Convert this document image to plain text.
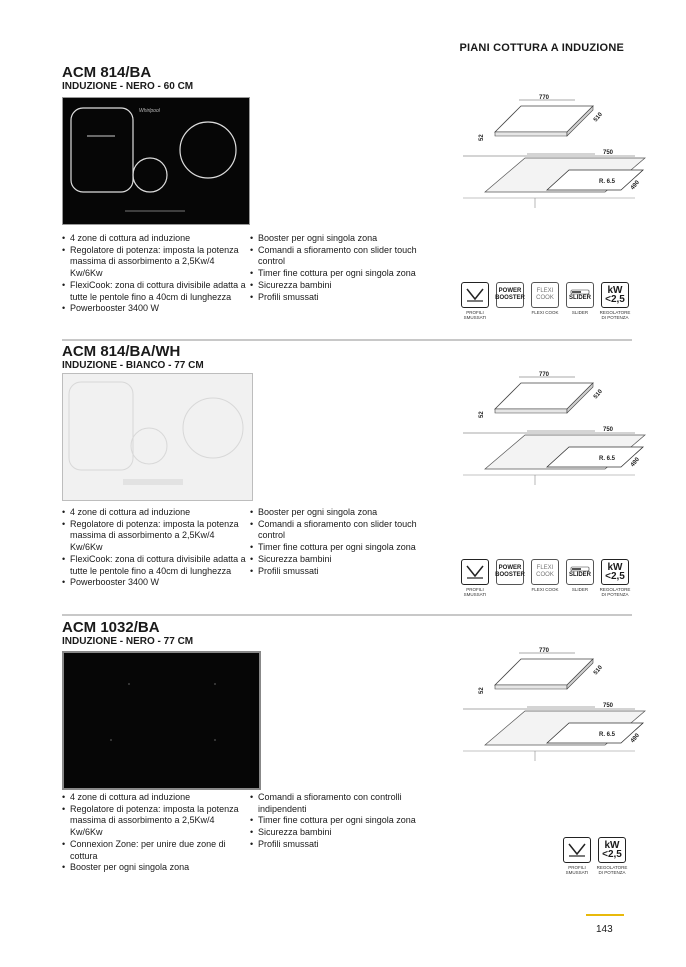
PIANI COTTURA A INDUZIONE
ACM 814/BA
INDUZIONE - NERO - 60 CM
Whirlpool
• 4 zone di cottura ad induzione
• Regolatore di potenza: imposta la potenza massima di assorbimento a 2,5Kw/4 Kw/6Kw
• FlexiCook: zona di cottura divisibile adatta a tutte le pentole fino a 40cm di lunghezza
• Powerbooster 3400 W
• Booster per ogni singola zona
• Comandi a sfioramento con slider touch control
• Timer fine cottura per ogni singola zona
• Sicurezza bambini
• Profili smussati
770
510
52
750
R. 6.5 490
PROFILI SMUSSATI
POWER BOOSTER
FLEXI COOK
FLEXI COOK
SLIDER
SLIDER
kW <2,5
REGOLATORE DI POTENZA
ACM 814/BA/WH
INDUZIONE - BIANCO - 77 CM
• 4 zone di cottura ad induzione
• Regolatore di potenza: imposta la potenza massima di assorbimento a 2,5Kw/4 Kw/6Kw
• FlexiCook: zona di cottura divisibile adatta a tutte le pentole fino a 40cm di lunghezza
• Powerbooster 3400 W
• Booster per ogni singola zona
• Comandi a sfioramento con slider touch control
• Timer fine cottura per ogni singola zona
• Sicurezza bambini
• Profili smussati
770
510
52
750
R. 6.5 490
PROFILI SMUSSATI
POWER BOOSTER
FLEXI COOK
FLEXI COOK
SLIDER
SLIDER
kW <2,5
REGOLATORE DI POTENZA
ACM 1032/BA
INDUZIONE - NERO - 77 CM
• 4 zone di cottura ad induzione
• Regolatore di potenza: imposta la potenza massima di assorbimento a 2,5Kw/4 Kw/6Kw
• Connexion Zone: per unire due zone di cottura
• Booster per ogni singola zona
• Comandi a sfioramento con controlli indipendenti
• Timer fine cottura per ogni singola zona
• Sicurezza bambini
• Profili smussati
770
510
52
750
R. 6.5 490
PROFILI SMUSSATI
kW <2,5
REGOLATORE DI POTENZA
143
